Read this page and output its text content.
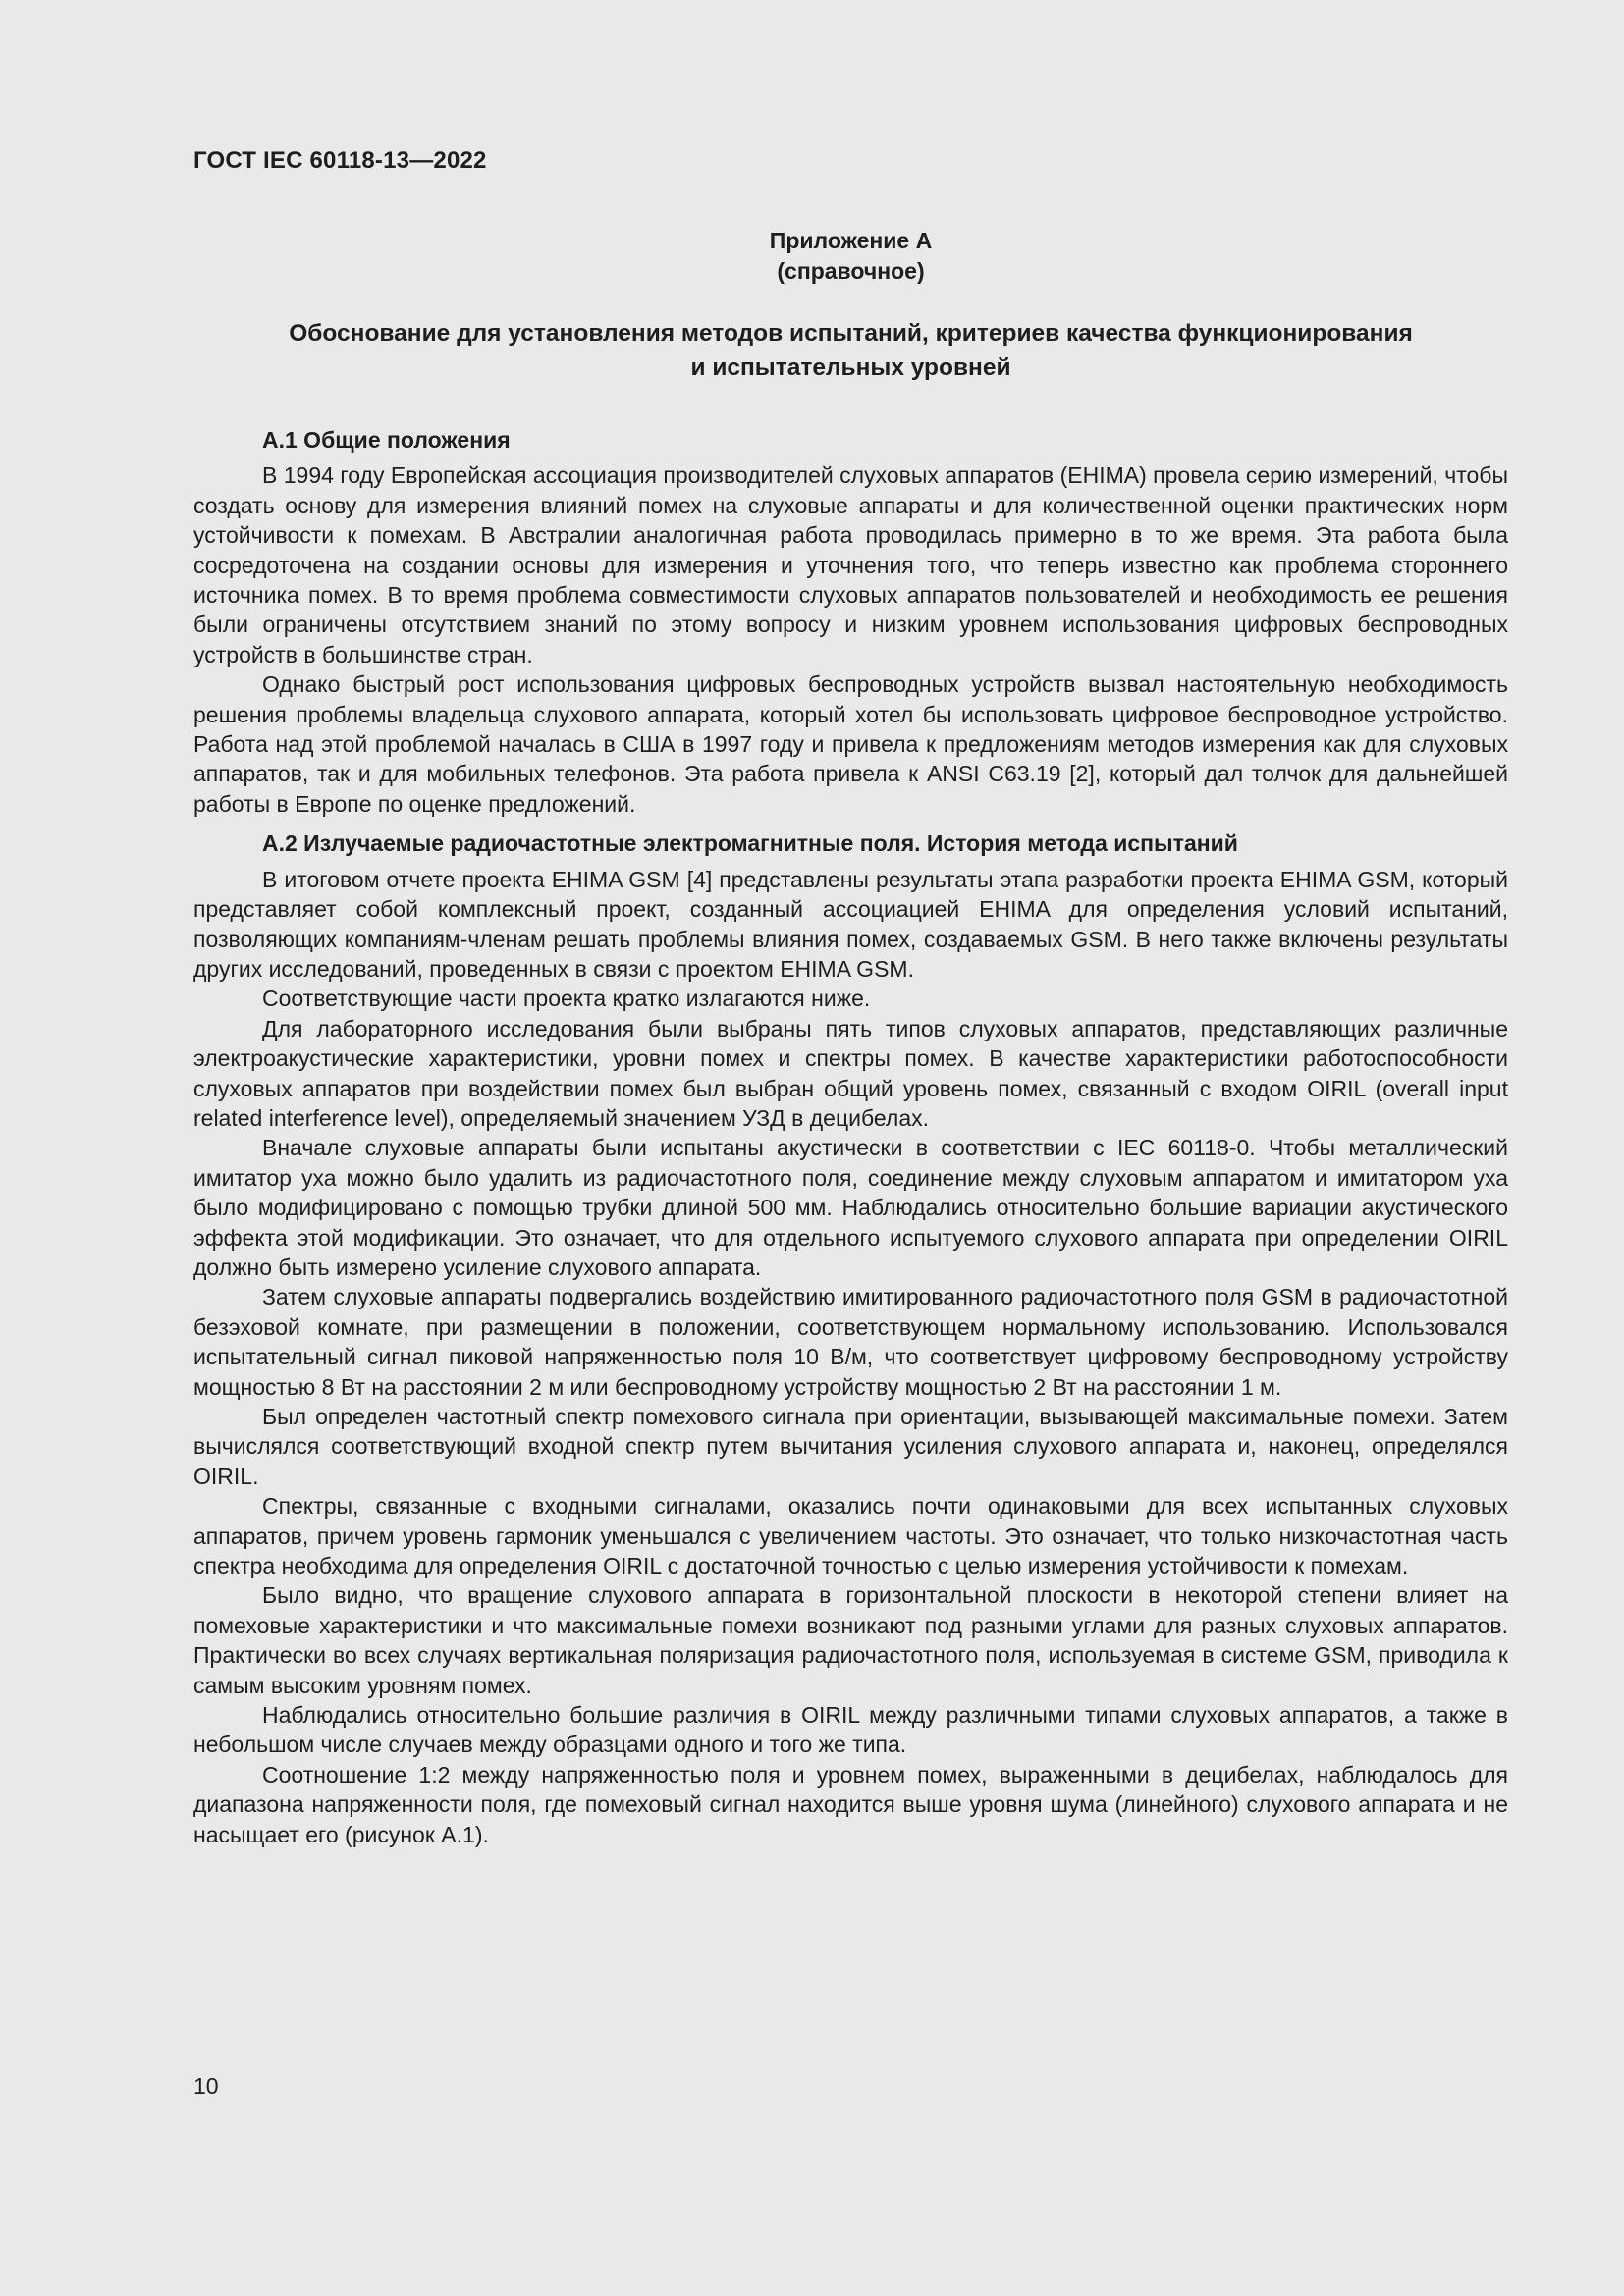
ГОСТ IEC 60118-13—2022
Приложение А
(справочное)
Обоснование для установления методов испытаний, критериев качества функционирования
и испытательных уровней
А.1 Общие положения

В 1994 году Европейская ассоциация производителей слуховых аппаратов (EHIMA) провела серию измерений, чтобы создать основу для измерения влияний помех на слуховые аппараты и для количественной оценки практических норм устойчивости к помехам. В Австралии аналогичная работа проводилась примерно в то же время. Эта работа была сосредоточена на создании основы для измерения и уточнения того, что теперь известно как проблема стороннего источника помех. В то время проблема совместимости слуховых аппаратов пользователей и необходимость ее решения были ограничены отсутствием знаний по этому вопросу и низким уровнем использования цифровых беспроводных устройств в большинстве стран.

Однако быстрый рост использования цифровых беспроводных устройств вызвал настоятельную необходимость решения проблемы владельца слухового аппарата, который хотел бы использовать цифровое беспроводное устройство. Работа над этой проблемой началась в США в 1997 году и привела к предложениям методов измерения как для слуховых аппаратов, так и для мобильных телефонов. Эта работа привела к ANSI C63.19 [2], который дал толчок для дальнейшей работы в Европе по оценке предложений.

А.2 Излучаемые радиочастотные электромагнитные поля. История метода испытаний

В итоговом отчете проекта EHIMA GSM [4] представлены результаты этапа разработки проекта EHIMA GSM, который представляет собой комплексный проект, созданный ассоциацией EHIMA для определения условий испытаний, позволяющих компаниям-членам решать проблемы влияния помех, создаваемых GSM. В него также включены результаты других исследований, проведенных в связи с проектом EHIMA GSM.

Соответствующие части проекта кратко излагаются ниже.

Для лабораторного исследования были выбраны пять типов слуховых аппаратов, представляющих различные электроакустические характеристики, уровни помех и спектры помех. В качестве характеристики работоспособности слуховых аппаратов при воздействии помех был выбран общий уровень помех, связанный с входом OIRIL (overall input related interference level), определяемый значением УЗД в децибелах.

Вначале слуховые аппараты были испытаны акустически в соответствии с IEC 60118-0. Чтобы металлический имитатор уха можно было удалить из радиочастотного поля, соединение между слуховым аппаратом и имитатором уха было модифицировано с помощью трубки длиной 500 мм. Наблюдались относительно большие вариации акустического эффекта этой модификации. Это означает, что для отдельного испытуемого слухового аппарата при определении OIRIL должно быть измерено усиление слухового аппарата.

Затем слуховые аппараты подвергались воздействию имитированного радиочастотного поля GSM в радиочастотной безэховой комнате, при размещении в положении, соответствующем нормальному использованию. Использовался испытательный сигнал пиковой напряженностью поля 10 В/м, что соответствует цифровому беспроводному устройству мощностью 8 Вт на расстоянии 2 м или беспроводному устройству мощностью 2 Вт на расстоянии 1 м.

Был определен частотный спектр помехового сигнала при ориентации, вызывающей максимальные помехи. Затем вычислялся соответствующий входной спектр путем вычитания усиления слухового аппарата и, наконец, определялся OIRIL.

Спектры, связанные с входными сигналами, оказались почти одинаковыми для всех испытанных слуховых аппаратов, причем уровень гармоник уменьшался с увеличением частоты. Это означает, что только низкочастотная часть спектра необходима для определения OIRIL с достаточной точностью с целью измерения устойчивости к помехам.

Было видно, что вращение слухового аппарата в горизонтальной плоскости в некоторой степени влияет на помеховые характеристики и что максимальные помехи возникают под разными углами для разных слуховых аппаратов. Практически во всех случаях вертикальная поляризация радиочастотного поля, используемая в системе GSM, приводила к самым высоким уровням помех.

Наблюдались относительно большие различия в OIRIL между различными типами слуховых аппаратов, а также в небольшом числе случаев между образцами одного и того же типа.

Соотношение 1:2 между напряженностью поля и уровнем помех, выраженными в децибелах, наблюдалось для диапазона напряженности поля, где помеховый сигнал находится выше уровня шума (линейного) слухового аппарата и не насыщает его (рисунок А.1).

10
